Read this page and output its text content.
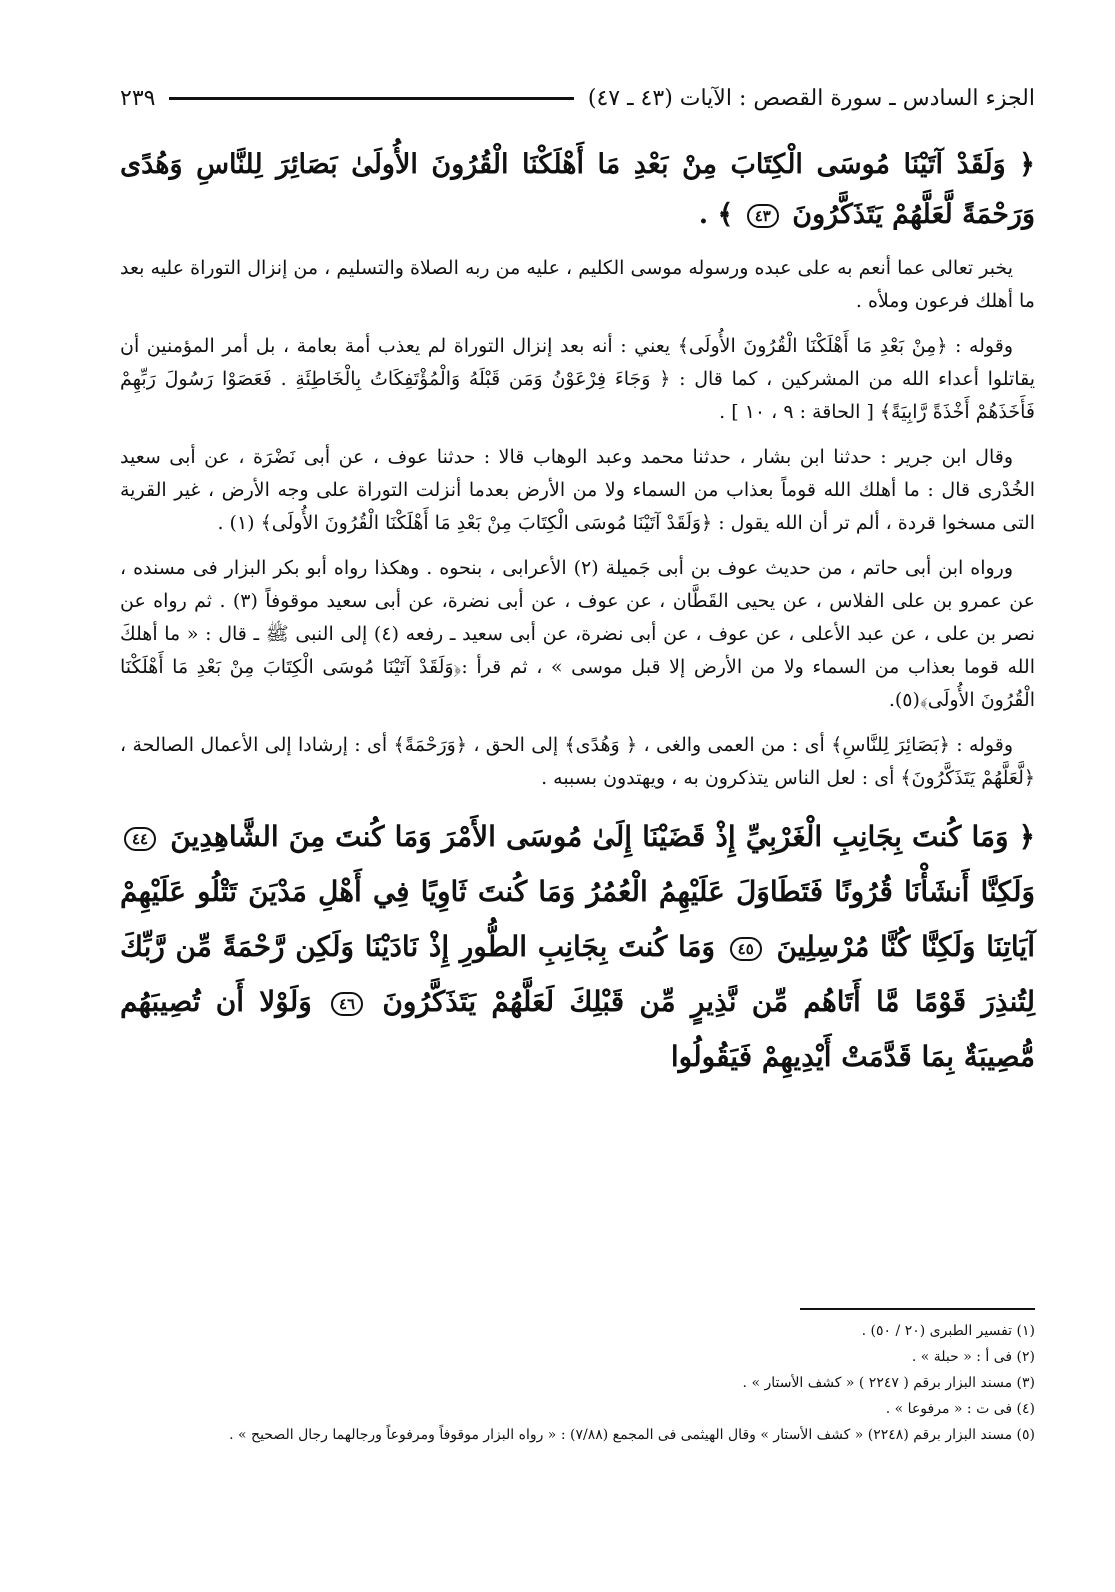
الجزء السادس ـ سورة القصص : الآيات (٤٣ ـ ٤٧)
٢٣٩

﴿ وَلَقَدْ آتَيْنَا مُوسَى الْكِتَابَ مِنْ بَعْدِ مَا أَهْلَكْنَا الْقُرُونَ الأُولَىٰ بَصَائِرَ لِلنَّاسِ وَهُدًى وَرَحْمَةً لَّعَلَّهُمْ يَتَذَكَّرُونَ ٤٣ ﴾ .

يخبر تعالى عما أنعم به على عبده ورسوله موسى الكليم ، عليه من ربه الصلاة والتسليم ، من إنزال التوراة عليه بعد ما أهلك فرعون وملأه .

وقوله : ﴿مِنْ بَعْدِ مَا أَهْلَكْنَا الْقُرُونَ الأُولَى﴾ يعني : أنه بعد إنزال التوراة لم يعذب أمة بعامة ، بل أمر المؤمنين أن يقاتلوا أعداء الله من المشركين ، كما قال : ﴿ وَجَاءَ فِرْعَوْنُ وَمَن قَبْلَهُ وَالْمُؤْتَفِكَاتُ بِالْخَاطِئَةِ . فَعَصَوْا رَسُولَ رَبِّهِمْ فَأَخَذَهُمْ أَخْذَةً رَّابِيَةً﴾ [ الحاقة : ٩ ، ١٠ ] .

وقال ابن جرير : حدثنا ابن بشار ، حدثنا محمد وعبد الوهاب قالا : حدثنا عوف ، عن أبى نَضْرَة ، عن أبى سعيد الخُدْرى قال : ما أهلك الله قوماً بعذاب من السماء ولا من الأرض بعدما أنزلت التوراة على وجه الأرض ، غير القرية التى مسخوا قردة ، ألم تر أن الله يقول : ﴿وَلَقَدْ آتَيْنَا مُوسَى الْكِتَابَ مِنْ بَعْدِ مَا أَهْلَكْنَا الْقُرُونَ الأُولَى﴾ (١) .

ورواه ابن أبى حاتم ، من حديث عوف بن أبى جَميلة (٢) الأعرابى ، بنحوه . وهكذا رواه أبو بكر البزار فى مسنده ، عن عمرو بن على الفلاس ، عن يحيى القَطَّان ، عن عوف ، عن أبى نضرة، عن أبى سعيد موقوفاً (٣) . ثم رواه عن نصر بن على ، عن عبد الأعلى ، عن عوف ، عن أبى نضرة، عن أبى سعيد ـ رفعه (٤) إلى النبى ﷺ ـ قال : « ما أهلكَ الله قوما بعذاب من السماء ولا من الأرض إلا قبل موسى » ، ثم قرأ :﴿وَلَقَدْ آتَيْنَا مُوسَى الْكِتَابَ مِنْ بَعْدِ مَا أَهْلَكْنَا الْقُرُونَ الأُولَى﴾(٥).

وقوله : ﴿بَصَائِرَ لِلنَّاسِ﴾ أى : من العمى والغى ، ﴿ وَهُدًى﴾ إلى الحق ، ﴿وَرَحْمَةً﴾ أى : إرشادا إلى الأعمال الصالحة ،﴿لَّعَلَّهُمْ يَتَذَكَّرُونَ﴾ أى : لعل الناس يتذكرون به ، ويهتدون بسببه .

﴿ وَمَا كُنتَ بِجَانِبِ الْغَرْبِيِّ إِذْ قَضَيْنَا إِلَىٰ مُوسَى الأَمْرَ وَمَا كُنتَ مِنَ الشَّاهِدِينَ ٤٤ وَلَكِنَّا أَنشَأْنَا قُرُونًا فَتَطَاوَلَ عَلَيْهِمُ الْعُمُرُ وَمَا كُنتَ ثَاوِيًا فِي أَهْلِ مَدْيَنَ تَتْلُو عَلَيْهِمْ آيَاتِنَا وَلَكِنَّا كُنَّا مُرْسِلِينَ ٤٥ وَمَا كُنتَ بِجَانِبِ الطُّورِ إِذْ نَادَيْنَا وَلَكِن رَّحْمَةً مِّن رَّبِّكَ لِتُنذِرَ قَوْمًا مَّا أَتَاهُم مِّن نَّذِيرٍ مِّن قَبْلِكَ لَعَلَّهُمْ يَتَذَكَّرُونَ ٤٦ وَلَوْلا أَن تُصِيبَهُم مُّصِيبَةٌ بِمَا قَدَّمَتْ أَيْدِيهِمْ فَيَقُولُوا

(١) تفسير الطبرى (٢٠ / ٥٠) .
(٢) فى أ : « حبلة » .
(٣) مسند البزار برقم ( ٢٢٤٧ ) « كشف الأستار » .
(٤) فى ت : « مرفوعا » .
(٥) مسند البزار برقم (٢٢٤٨) « كشف الأستار » وقال الهيثمى فى المجمع (٧/٨٨) : « رواه البزار موقوفاً ومرفوعاً ورجالهما رجال الصحيح » .
